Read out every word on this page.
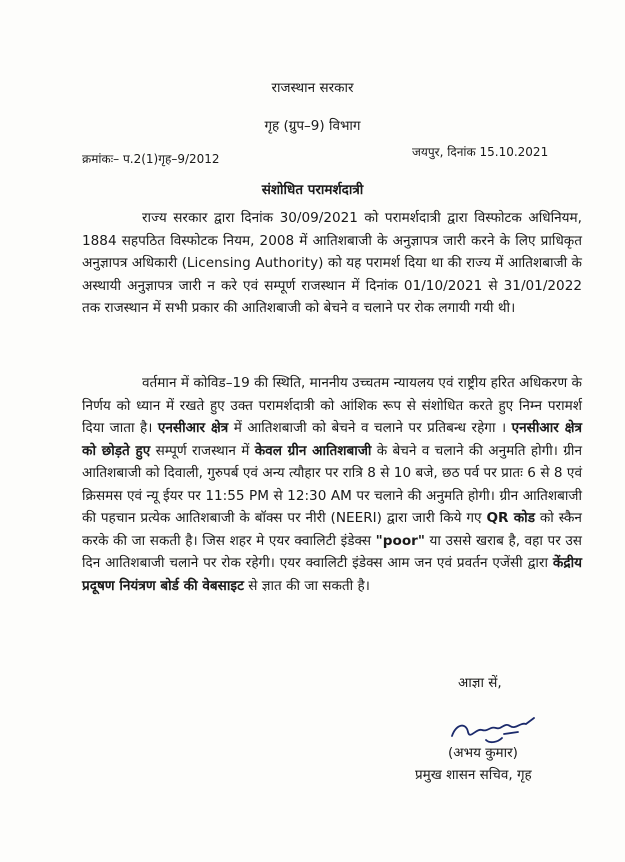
राजस्थान सरकार
गृह (ग्रुप–9) विभाग
क्रमांकः– प.2(1)गृह–9/2012	जयपुर, दिनांक 15.10.2021
संशोधित परामर्शदात्री

राज्य सरकार द्वारा दिनांक 30/09/2021 को परामर्शदात्री द्वारा विस्फोटक अधिनियम, 1884 सहपठित विस्फोटक नियम, 2008 में आतिशबाजी के अनुज्ञापत्र जारी करने के लिए प्राधिकृत अनुज्ञापत्र अधिकारी (Licensing Authority) को यह परामर्श दिया था की राज्य में आतिशबाजी के अस्थायी अनुज्ञापत्र जारी न करे एवं सम्पूर्ण राजस्थान में दिनांक 01/10/2021 से 31/01/2022 तक राजस्थान में सभी प्रकार की आतिशबाजी को बेचने व चलाने पर रोक लगायी गयी थी।

वर्तमान में कोविड–19 की स्थिति, माननीय उच्चतम न्यायलय एवं राष्ट्रीय हरित अधिकरण के निर्णय को ध्यान में रखते हुए उक्त परामर्शदात्री को आंशिक रूप से संशोधित करते हुए निम्न परामर्श दिया जाता है। एनसीआर क्षेत्र में आतिशबाजी को बेचने व चलाने पर प्रतिबन्ध रहेगा । एनसीआर क्षेत्र को छोड़ते हुए सम्पूर्ण राजस्थान में केवल ग्रीन आतिशबाजी के बेचने व चलाने की अनुमति होगी। ग्रीन आतिशबाजी को दिवाली, गुरुपर्ब एवं अन्य त्यौहार पर रात्रि 8 से 10 बजे, छठ पर्व पर प्रातः 6 से 8 एवं क्रिसमस एवं न्यू ईयर पर 11:55 PM से 12:30 AM पर चलाने की अनुमति होगी। ग्रीन आतिशबाजी की पहचान प्रत्येक आतिशबाजी के बॉक्स पर नीरी (NEERI) द्वारा जारी किये गए QR कोड को स्कैन करके की जा सकती है। जिस शहर मे एयर क्वालिटी इंडेक्स "poor" या उससे खराब है, वहा पर उस दिन आतिशबाजी चलाने पर रोक रहेगी। एयर क्वालिटी इंडेक्स आम जन एवं प्रवर्तन एजेंसी द्वारा केंद्रीय प्रदूषण नियंत्रण बोर्ड की वेबसाइट से ज्ञात की जा सकती है।

आज्ञा सें,
(अभय कुमार)
प्रमुख शासन सचिव, गृह
